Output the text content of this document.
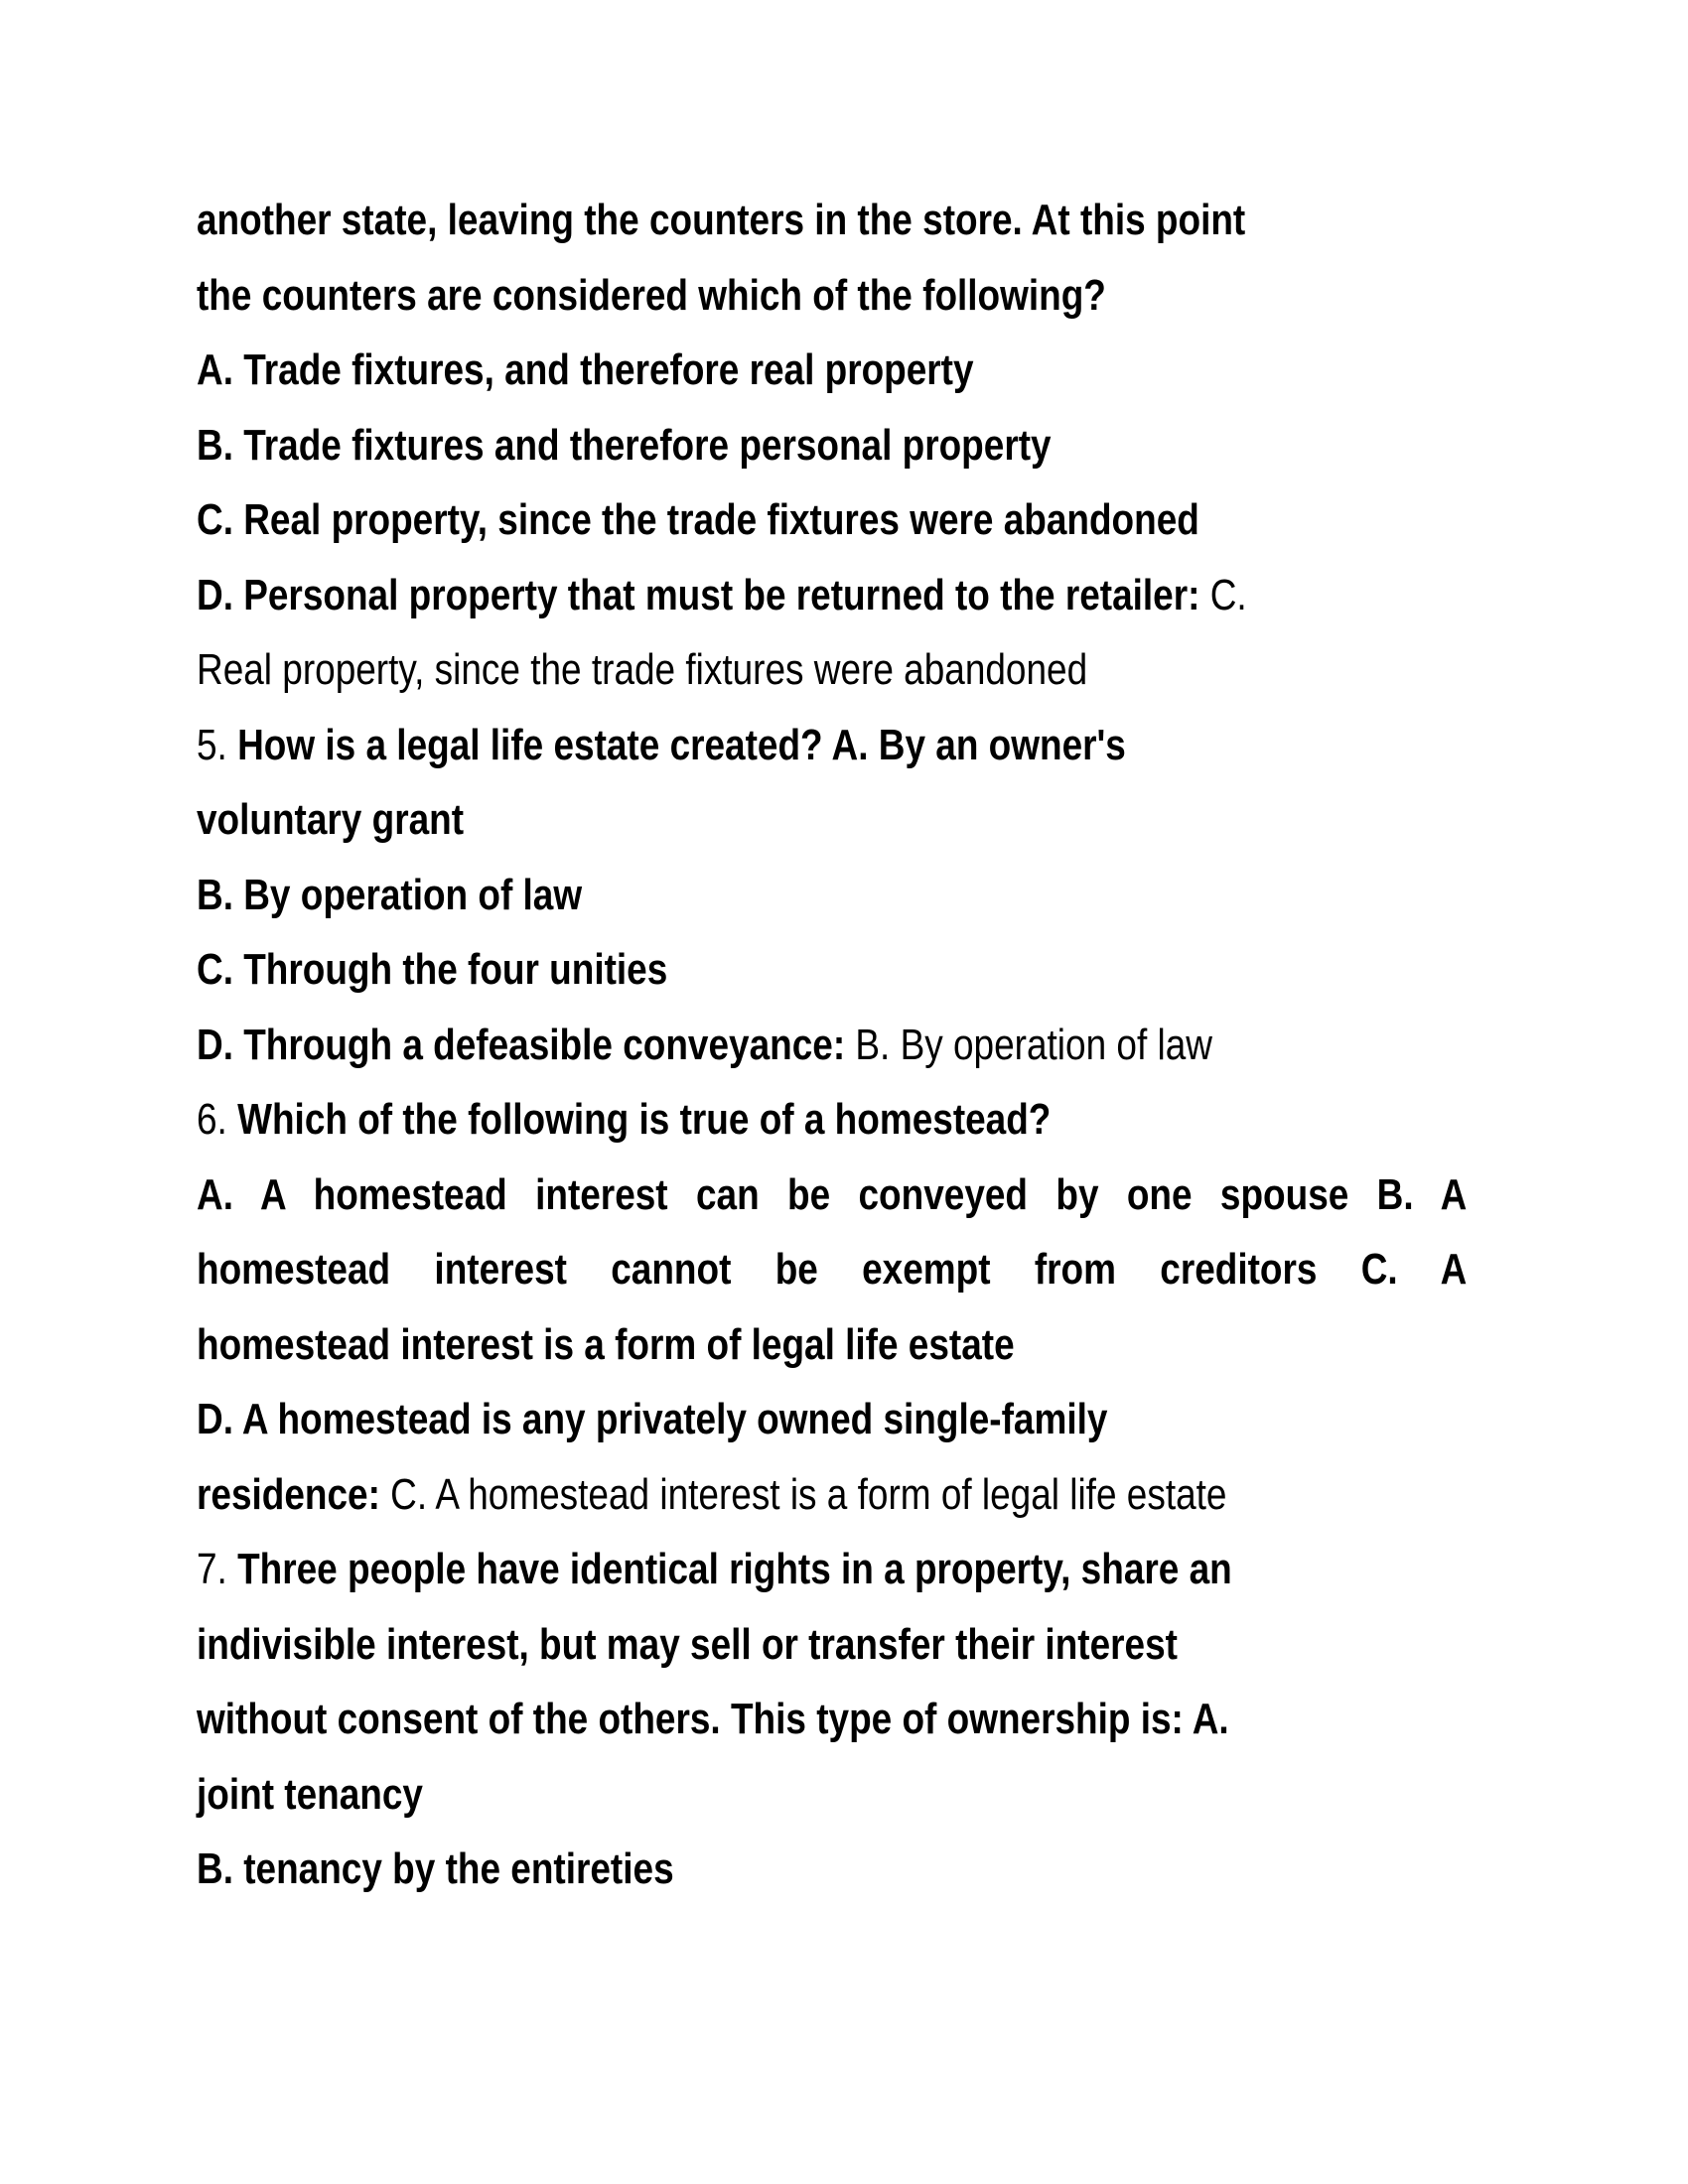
another state, leaving the counters in the store. At this point
the counters are considered which of the following?
A. Trade fixtures, and therefore real property
B. Trade fixtures and therefore personal property
C. Real property, since the trade fixtures were abandoned
D. Personal property that must be returned to the retailer: C.
Real property, since the trade fixtures were abandoned
5. How is a legal life estate created? A. By an owner's
voluntary grant
B. By operation of law
C. Through the four unities
D. Through a defeasible conveyance: B. By operation of law
6. Which of the following is true of a homestead?
A. A homestead interest can be conveyed by one spouse B. A
homestead interest cannot be exempt from creditors C. A
homestead interest is a form of legal life estate
D. A homestead is any privately owned single-family
residence: C. A homestead interest is a form of legal life estate
7. Three people have identical rights in a property, share an
indivisible interest, but may sell or transfer their interest
without consent of the others. This type of ownership is: A.
joint tenancy
B. tenancy by the entireties
